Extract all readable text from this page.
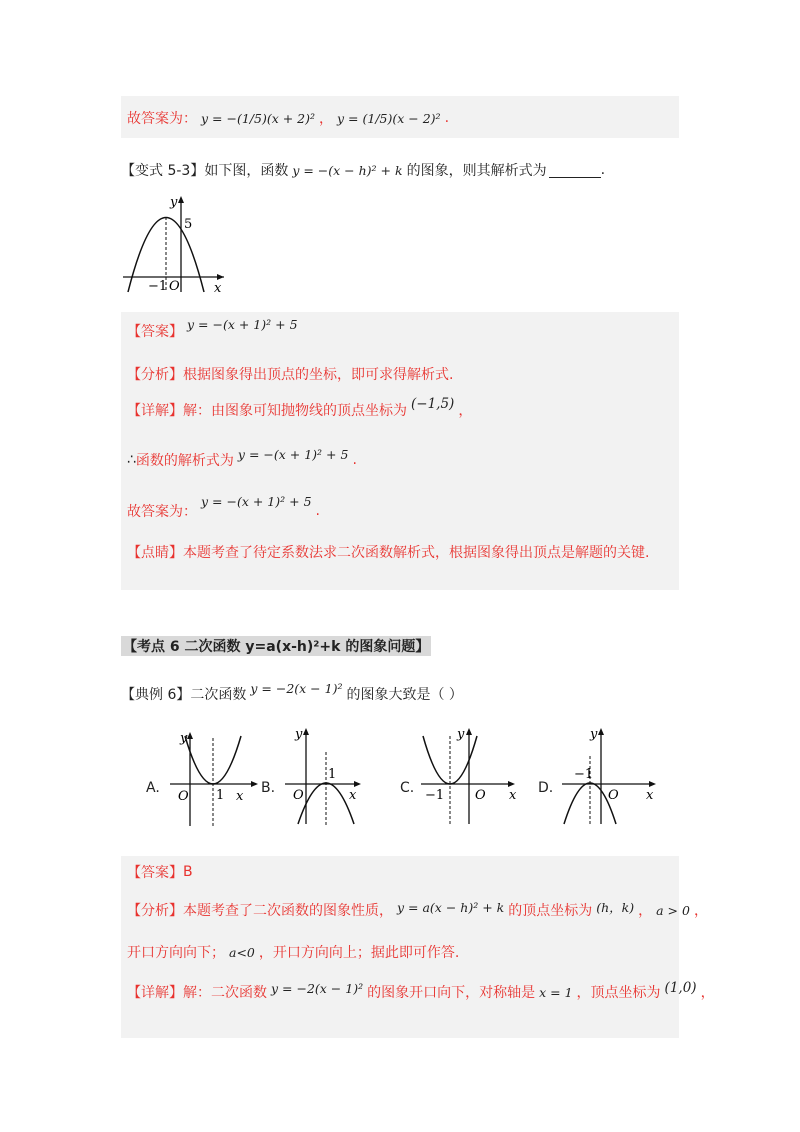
故答案为： y = −(1/5)(x + 2)² ， y = (1/5)(x − 2)² .
【变式 5-3】 如下图，函数 y = −(x − h)² + k 的图象，则其解析式为	.
y
5
x
−1 O
【答案】 y = −(x + 1)² + 5
【分析】 根据图象得出顶点的坐标，即可求得解析式.
【详解】 解：由图象可知抛物线的顶点坐标为 (−1,5) ，
∴ 函数的解析式为 y = −(x + 1)² + 5 .
故答案为：
y = −(x + 1)² + 5
.
【点睛】 本题考查了待定系数法求二次函数解析式，根据图象得出顶点是解题的关键.
【考点 6 二次函数 y=a(x-h)²+k 的图象问题】
【典例 6】 二次函数 y = −2(x − 1)² 的图象大致是（ ）
A.
y
1
O	x
B.
y
1
O	x	C.
y
−1 O x D.
y
−1
O x
【答案】 B
【分析】 本题考查了二次函数的图象性质， y = a(x − h)² + k 的顶点坐标为 (h，k) ， a > 0 ，
开口方向向下； a<0 ，开口方向向上；据此即可作答.
【详解】 解：二次函数 y = −2(x − 1)² 的图象开口向下，对称轴是 x = 1 ，顶点坐标为 (1,0) ，
